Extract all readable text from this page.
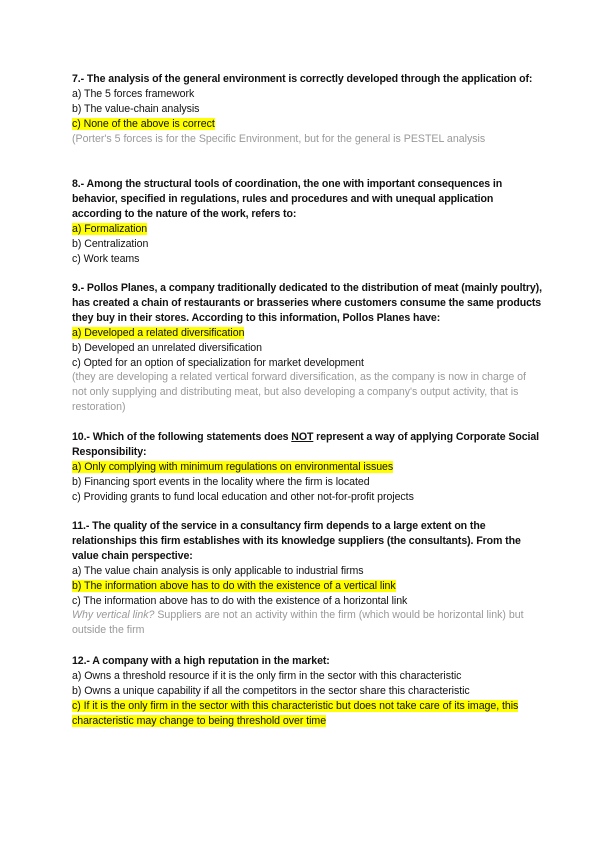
7.- The analysis of the general environment is correctly developed through the application of:
a) The 5 forces framework
b) The value-chain analysis
c) None of the above is correct
(Porter's 5 forces is for the Specific Environment, but for the general is PESTEL analysis
8.- Among the structural tools of coordination, the one with important consequences in behavior, specified in regulations, rules and procedures and with unequal application according to the nature of the work, refers to:
a) Formalization
b) Centralization
c) Work teams
9.- Pollos Planes, a company traditionally dedicated to the distribution of meat (mainly poultry), has created a chain of restaurants or brasseries where customers consume the same products they buy in their stores. According to this information, Pollos Planes have:
a) Developed a related diversification
b) Developed an unrelated diversification
c) Opted for an option of specialization for market development
(they are developing a related vertical forward diversification, as the company is now in charge of not only supplying and distributing meat, but also developing a company's output activity, that is restoration)
10.- Which of the following statements does NOT represent a way of applying Corporate Social Responsibility:
a) Only complying with minimum regulations on environmental issues
b) Financing sport events in the locality where the firm is located
c) Providing grants to fund local education and other not-for-profit projects
11.- The quality of the service in a consultancy firm depends to a large extent on the relationships this firm establishes with its knowledge suppliers (the consultants). From the value chain perspective:
a) The value chain analysis is only applicable to industrial firms
b) The information above has to do with the existence of a vertical link
c) The information above has to do with the existence of a horizontal link
Why vertical link? Suppliers are not an activity within the firm (which would be horizontal link) but outside the firm
12.- A company with a high reputation in the market:
a) Owns a threshold resource if it is the only firm in the sector with this characteristic
b) Owns a unique capability if all the competitors in the sector share this characteristic
c) If it is the only firm in the sector with this characteristic but does not take care of its image, this characteristic may change to being threshold over time
